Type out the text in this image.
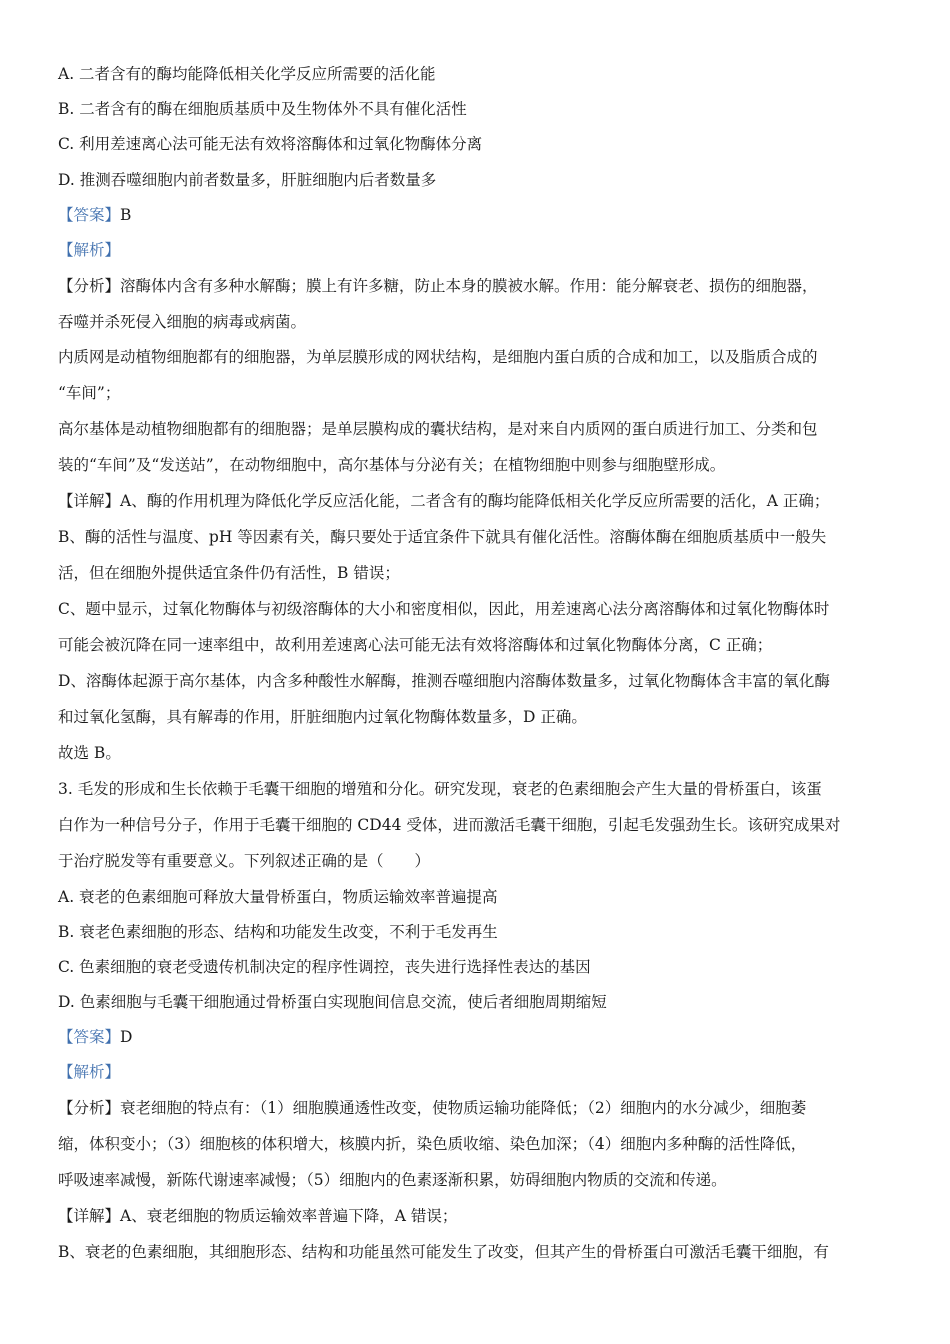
A. 二者含有的酶均能降低相关化学反应所需要的活化能
B. 二者含有的酶在细胞质基质中及生物体外不具有催化活性
C. 利用差速离心法可能无法有效将溶酶体和过氧化物酶体分离
D. 推测吞噬细胞内前者数量多，肝脏细胞内后者数量多
【答案】B
【解析】
【分析】溶酶体内含有多种水解酶；膜上有许多糖，防止本身的膜被水解。作用：能分解衰老、损伤的细胞器，
吞噬并杀死侵入细胞的病毒或病菌。
内质网是动植物细胞都有的细胞器，为单层膜形成的网状结构，是细胞内蛋白质的合成和加工，以及脂质合成的
“车间”；
高尔基体是动植物细胞都有的细胞器；是单层膜构成的囊状结构，是对来自内质网的蛋白质进行加工、分类和包
装的“车间”及“发送站”，在动物细胞中，高尔基体与分泌有关；在植物细胞中则参与细胞壁形成。
【详解】A、酶的作用机理为降低化学反应活化能，二者含有的酶均能降低相关化学反应所需要的活化，A 正确；
B、酶的活性与温度、pH 等因素有关，酶只要处于适宜条件下就具有催化活性。溶酶体酶在细胞质基质中一般失
活，但在细胞外提供适宜条件仍有活性，B 错误；
C、题中显示，过氧化物酶体与初级溶酶体的大小和密度相似，因此，用差速离心法分离溶酶体和过氧化物酶体时
可能会被沉降在同一速率组中，故利用差速离心法可能无法有效将溶酶体和过氧化物酶体分离，C 正确；
D、溶酶体起源于高尔基体，内含多种酸性水解酶，推测吞噬细胞内溶酶体数量多，过氧化物酶体含丰富的氧化酶
和过氧化氢酶，具有解毒的作用，肝脏细胞内过氧化物酶体数量多，D 正确。
故选 B。
3. 毛发的形成和生长依赖于毛囊干细胞的增殖和分化。研究发现，衰老的色素细胞会产生大量的骨桥蛋白，该蛋
白作为一种信号分子，作用于毛囊干细胞的 CD44 受体，进而激活毛囊干细胞，引起毛发强劲生长。该研究成果对
于治疗脱发等有重要意义。下列叙述正确的是（　　）
A. 衰老的色素细胞可释放大量骨桥蛋白，物质运输效率普遍提高
B. 衰老色素细胞的形态、结构和功能发生改变，不利于毛发再生
C. 色素细胞的衰老受遗传机制决定的程序性调控，丧失进行选择性表达的基因
D. 色素细胞与毛囊干细胞通过骨桥蛋白实现胞间信息交流，使后者细胞周期缩短
【答案】D
【解析】
【分析】衰老细胞的特点有：（1）细胞膜通透性改变，使物质运输功能降低；（2）细胞内的水分减少，细胞萎
缩，体积变小；（3）细胞核的体积增大，核膜内折，染色质收缩、染色加深；（4）细胞内多种酶的活性降低，
呼吸速率减慢，新陈代谢速率减慢；（5）细胞内的色素逐渐积累，妨碍细胞内物质的交流和传递。
【详解】A、衰老细胞的物质运输效率普遍下降，A 错误；
B、衰老的色素细胞，其细胞形态、结构和功能虽然可能发生了改变，但其产生的骨桥蛋白可激活毛囊干细胞，有
